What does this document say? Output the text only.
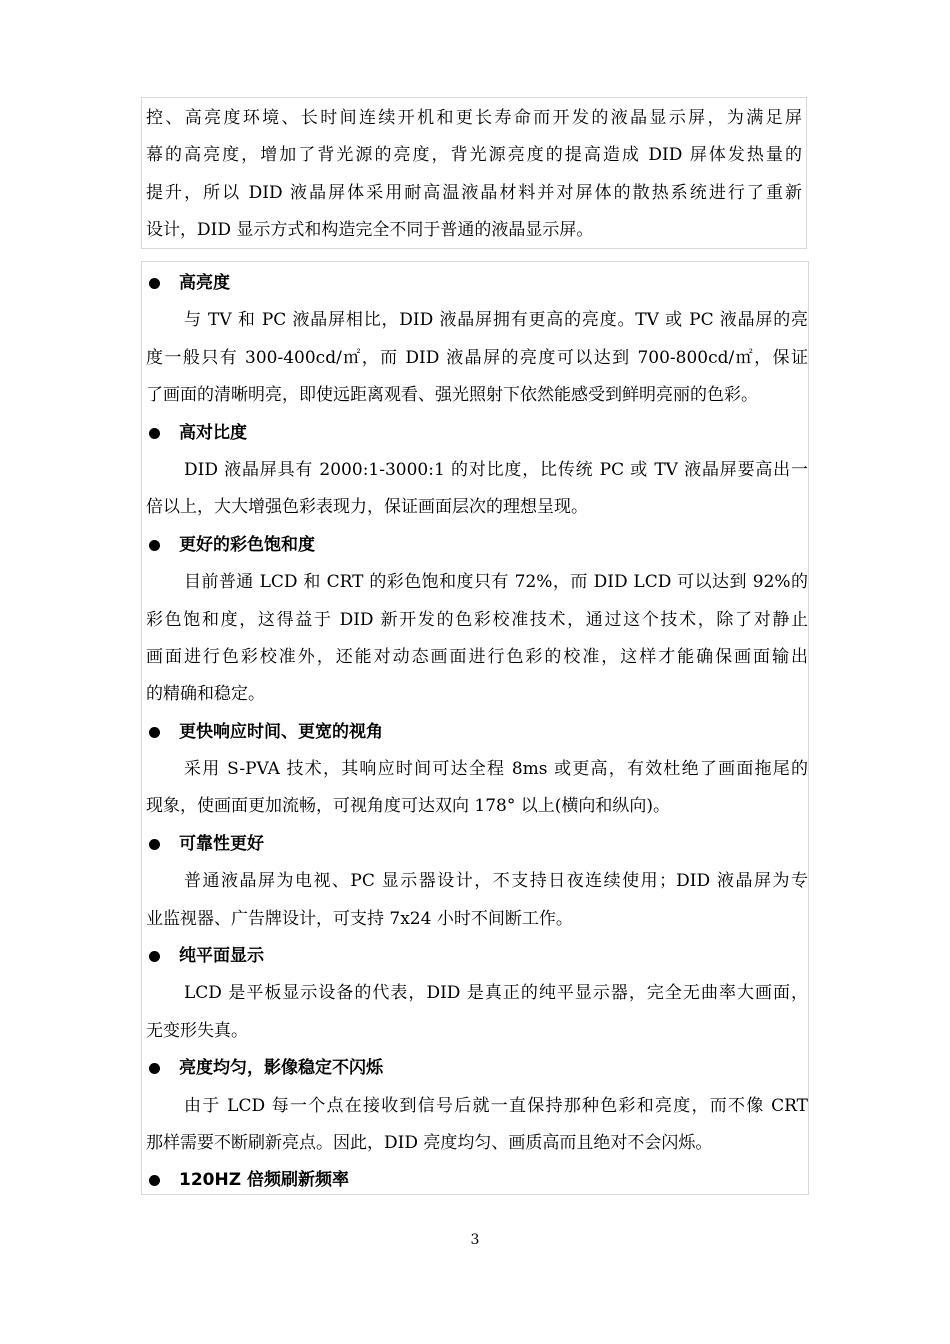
控、高亮度环境、长时间连续开机和更长寿命而开发的液晶显示屏，为满足屏
幕的高亮度，增加了背光源的亮度，背光源亮度的提高造成 DID 屏体发热量的
提升，所以 DID 液晶屏体采用耐高温液晶材料并对屏体的散热系统进行了重新
设计，DID 显示方式和构造完全不同于普通的液晶显示屏。
高亮度
与 TV 和 PC 液晶屏相比，DID 液晶屏拥有更高的亮度。TV 或 PC 液晶屏的亮
度一般只有 300-400cd/㎡，而 DID 液晶屏的亮度可以达到 700-800cd/㎡，保证
了画面的清晰明亮，即使远距离观看、强光照射下依然能感受到鲜明亮丽的色彩。
高对比度
DID 液晶屏具有 2000:1-3000:1 的对比度，比传统 PC 或 TV 液晶屏要高出一
倍以上，大大增强色彩表现力，保证画面层次的理想呈现。
更好的彩色饱和度
目前普通 LCD 和 CRT 的彩色饱和度只有 72%，而 DID LCD 可以达到 92%的
彩色饱和度，这得益于 DID 新开发的色彩校准技术，通过这个技术，除了对静止
画面进行色彩校准外，还能对动态画面进行色彩的校准，这样才能确保画面输出
的精确和稳定。
更快响应时间、更宽的视角
采用 S-PVA 技术，其响应时间可达全程 8ms 或更高，有效杜绝了画面拖尾的
现象，使画面更加流畅，可视角度可达双向 178° 以上(横向和纵向)。
可靠性更好
普通液晶屏为电视、PC 显示器设计，不支持日夜连续使用；DID 液晶屏为专
业监视器、广告牌设计，可支持 7x24 小时不间断工作。
纯平面显示
LCD 是平板显示设备的代表，DID 是真正的纯平显示器，完全无曲率大画面，
无变形失真。
亮度均匀，影像稳定不闪烁
由于 LCD 每一个点在接收到信号后就一直保持那种色彩和亮度，而不像 CRT
那样需要不断刷新亮点。因此，DID 亮度均匀、画质高而且绝对不会闪烁。
120HZ 倍频刷新频率
3
